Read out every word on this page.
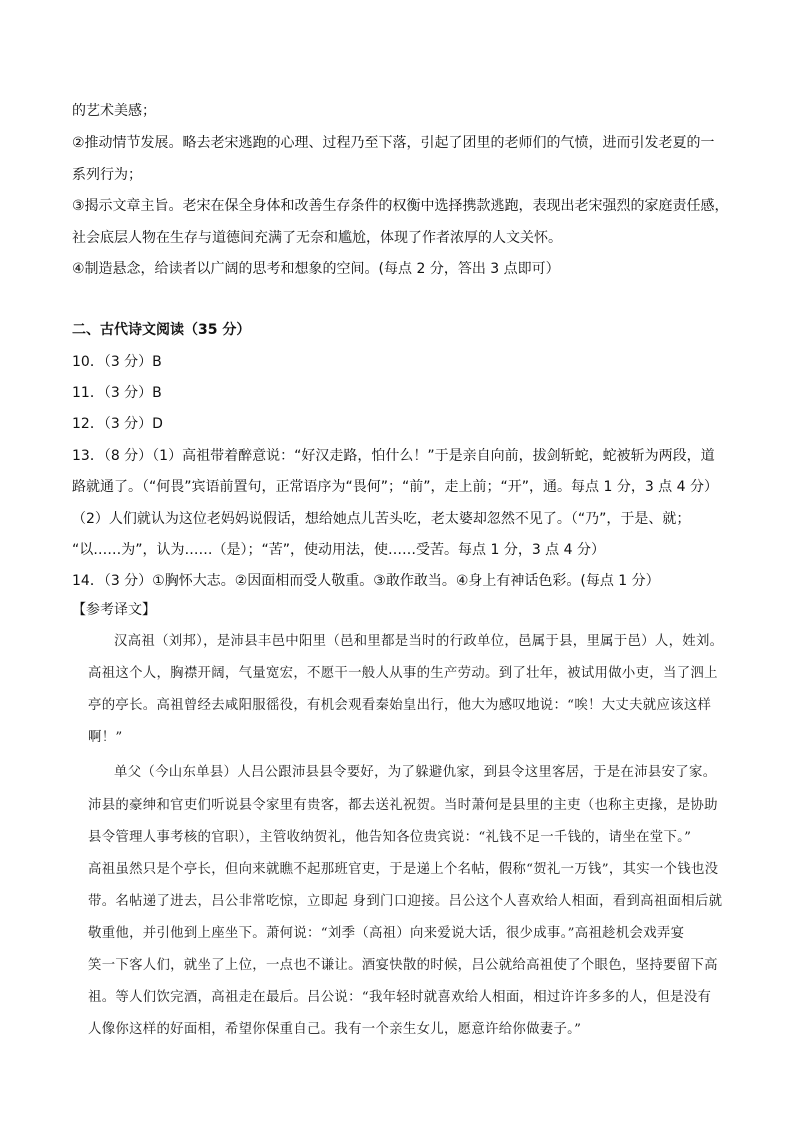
的艺术美感；
②推动情节发展。略去老宋逃跑的心理、过程乃至下落，引起了团里的老师们的气愤，进而引发老夏的一
系列行为；
③揭示文章主旨。老宋在保全身体和改善生存条件的权衡中选择携款逃跑，表现出老宋强烈的家庭责任感，
社会底层人物在生存与道德间充满了无奈和尴尬，体现了作者浓厚的人文关怀。
④制造悬念，给读者以广阔的思考和想象的空间。(每点 2 分，答出 3 点即可）
二、古代诗文阅读（35 分）
10．（3 分）B
11．（3 分）B
12．（3 分）D
13．（8 分）（1）高祖带着醉意说：“好汉走路，怕什么！”于是亲自向前，拔剑斩蛇，蛇被斩为两段，道
路就通了。（“何畏”宾语前置句，正常语序为“畏何”；“前”，走上前；“开”，通。每点 1 分，3 点 4 分）
（2）人们就认为这位老妈妈说假话，想给她点儿苦头吃，老太婆却忽然不见了。（“乃”，于是、就；
“以……为”，认为……（是）；“苦”，使动用法，使……受苦。每点 1 分，3 点 4 分）
14．（3 分）①胸怀大志。②因面相而受人敬重。③敢作敢当。④身上有神话色彩。(每点 1 分）
【参考译文】
汉高祖（刘邦），是沛县丰邑中阳里（邑和里都是当时的行政单位，邑属于县，里属于邑）人，姓刘。
高祖这个人，胸襟开阔，气量宽宏，不愿干一般人从事的生产劳动。到了壮年，被试用做小吏，当了泗上
亭的亭长。高祖曾经去咸阳服徭役，有机会观看秦始皇出行，他大为感叹地说：“唉！大丈夫就应该这样
啊！”
单父（今山东单县）人吕公跟沛县县令要好，为了躲避仇家，到县令这里客居，于是在沛县安了家。
沛县的豪绅和官吏们听说县令家里有贵客，都去送礼祝贺。当时萧何是县里的主吏（也称主吏掾，是协助
县令管理人事考核的官职），主管收纳贺礼，他告知各位贵宾说：“礼钱不足一千钱的，请坐在堂下。”
高祖虽然只是个亭长，但向来就瞧不起那班官吏，于是递上个名帖，假称“贺礼一万钱”，其实一个钱也没
带。名帖递了进去，吕公非常吃惊，立即起 身到门口迎接。吕公这个人喜欢给人相面，看到高祖面相后就
敬重他，并引他到上座坐下。萧何说：“刘季（高祖）向来爱说大话，很少成事。”高祖趁机会戏弄宴
笑一下客人们，就坐了上位，一点也不谦让。酒宴快散的时候，吕公就给高祖使了个眼色，坚持要留下高
祖。等人们饮完酒，高祖走在最后。吕公说：“我年轻时就喜欢给人相面，相过许许多多的人，但是没有
人像你这样的好面相，希望你保重自己。我有一个亲生女儿，愿意许给你做妻子。”
